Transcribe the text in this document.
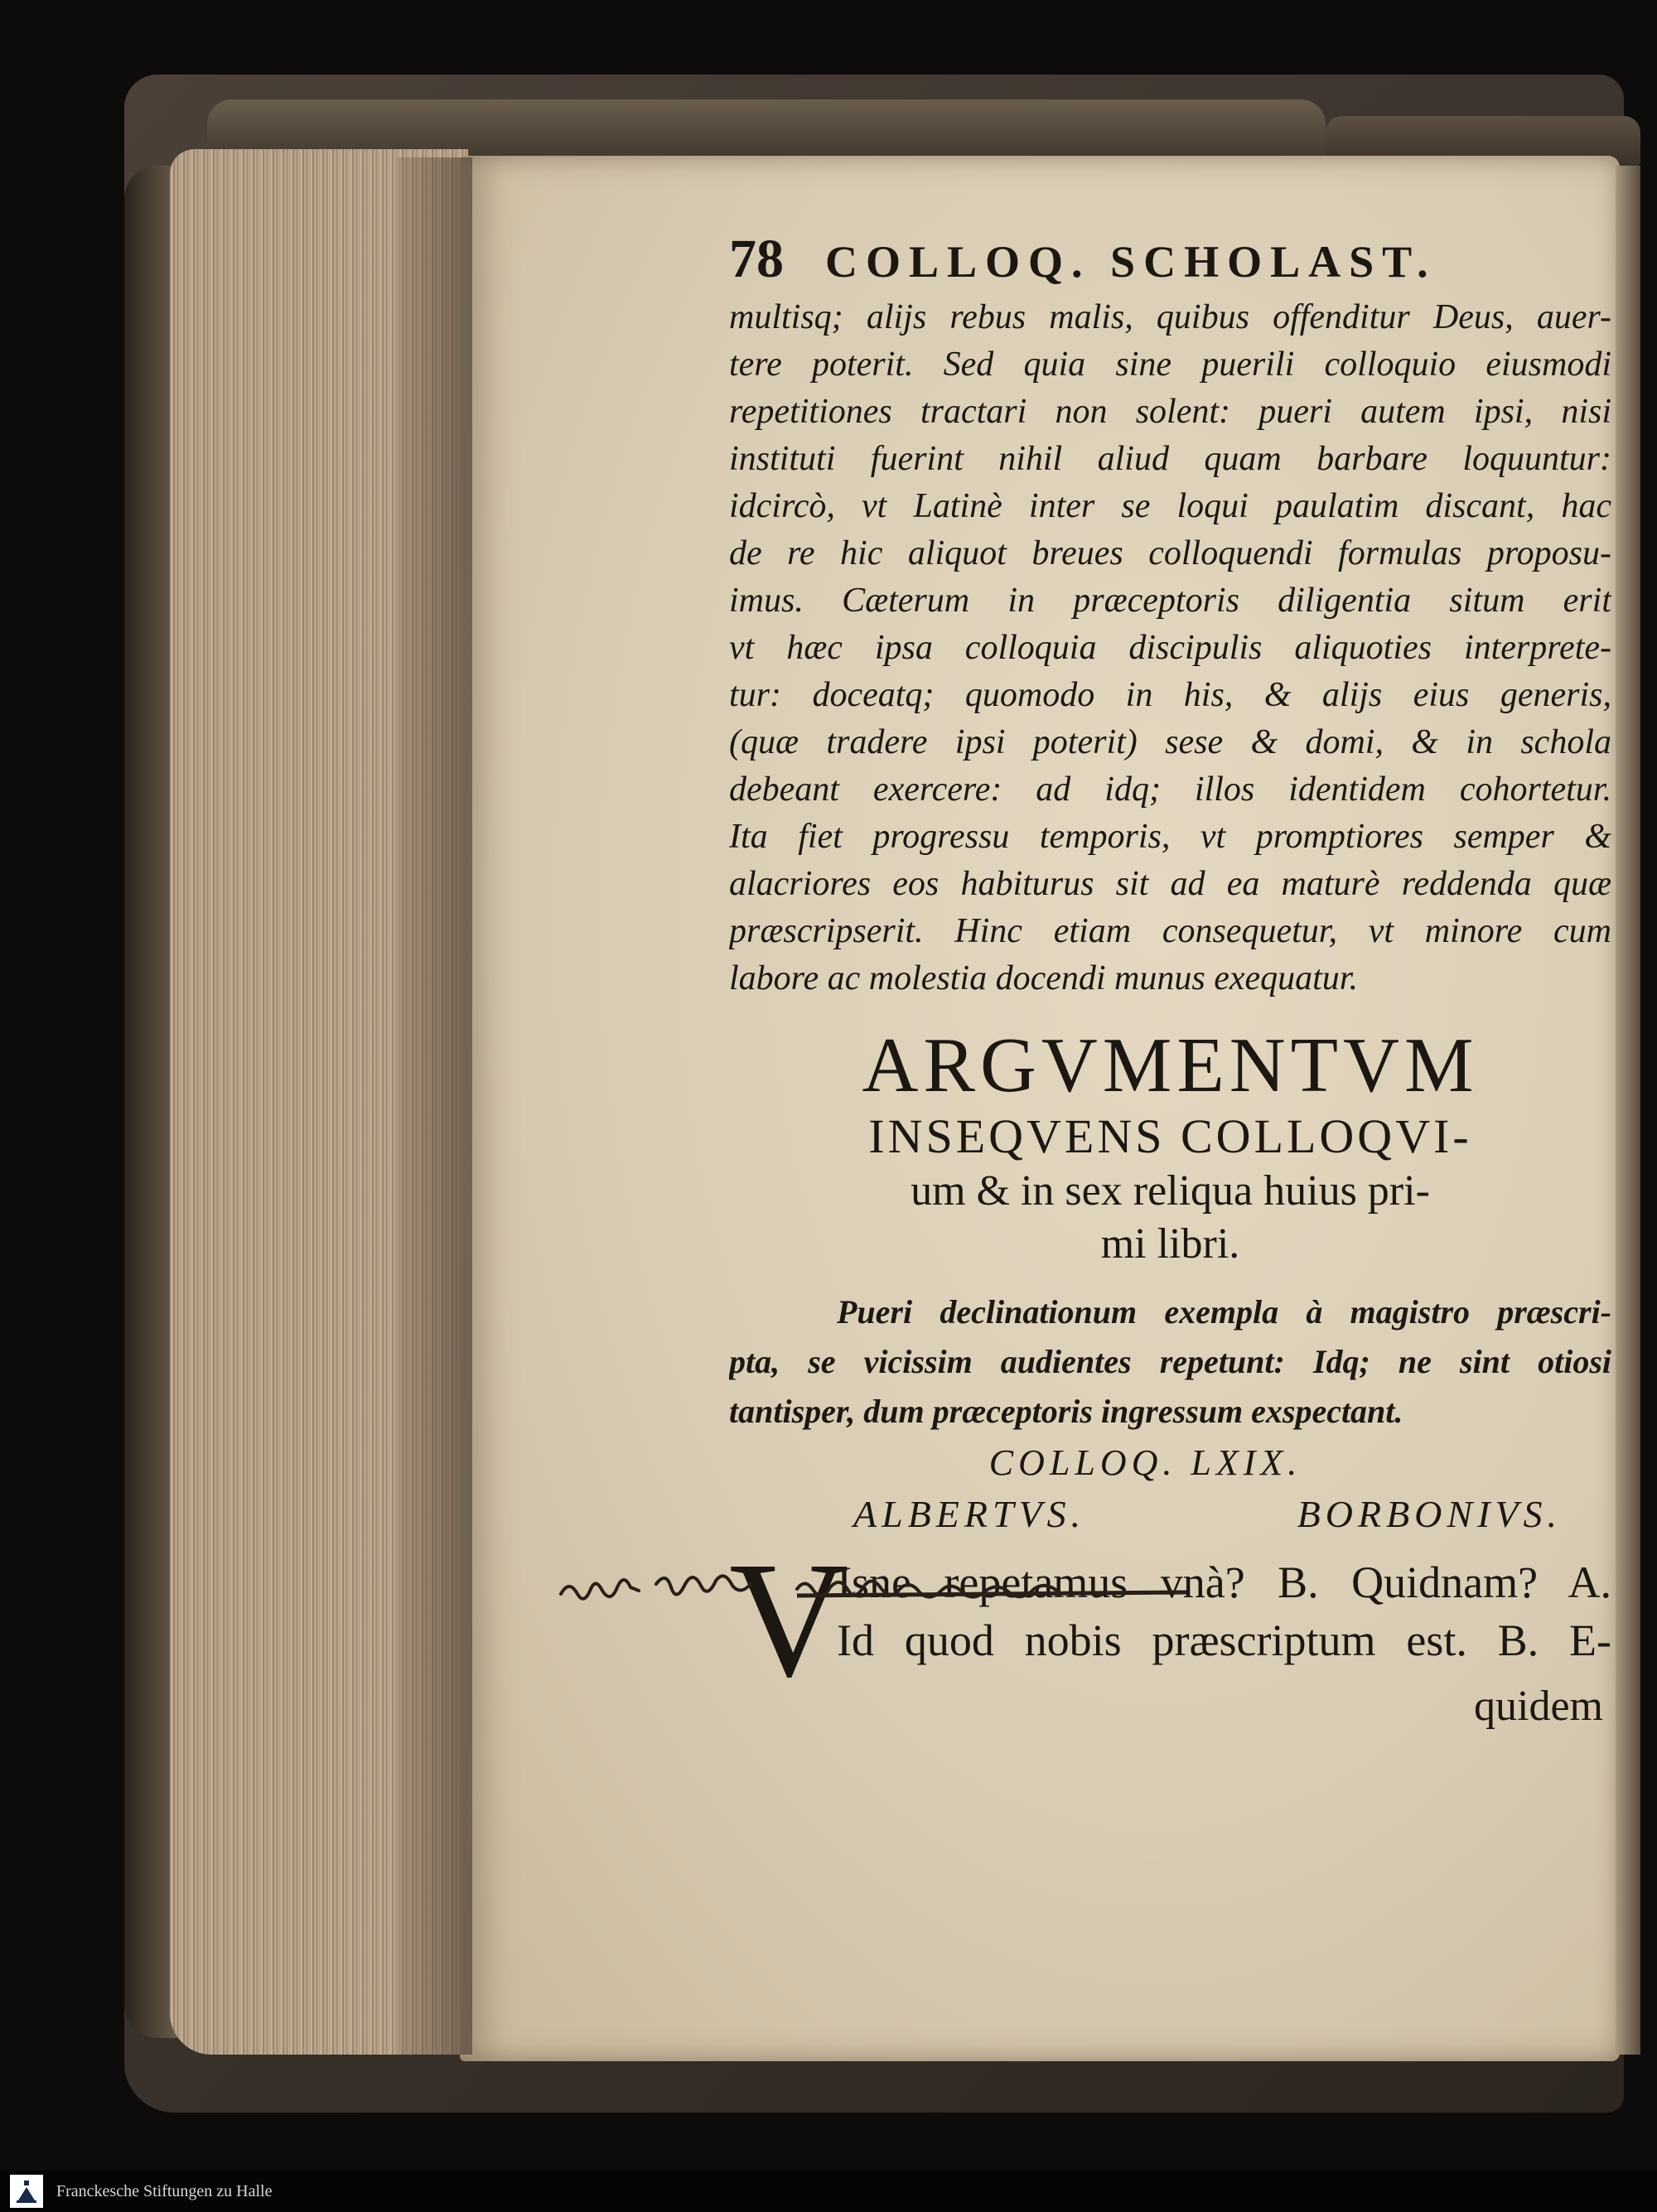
78 COLLOQ. SCHOLAST.
multisq; alijs rebus malis, quibus offenditur Deus, auer-
tere poterit. Sed quia sine puerili colloquio eiusmodi
repetitiones tractari non solent: pueri autem ipsi, nisi
instituti fuerint nihil aliud quam barbare loquuntur:
idcircò, vt Latinè inter se loqui paulatim discant, hac
de re hic aliquot breues colloquendi formulas proposu-
imus. Cæterum in præceptoris diligentia situm erit
vt hæc ipsa colloquia discipulis aliquoties interprete-
tur: doceatq; quomodo in his, & alijs eius generis,
(quæ tradere ipsi poterit) sese & domi, & in schola
debeant exercere: ad idq; illos identidem cohortetur.
Ita fiet progressu temporis, vt promptiores semper &
alacriores eos habiturus sit ad ea maturè reddenda quæ
præscripserit. Hinc etiam consequetur, vt minore cum
labore ac molestia docendi munus exequatur.
ARGVMENTVM
INSEQVENS COLLOQVI-
um & in sex reliqua huius pri-
mi libri.
Pueri declinationum exempla à magistro præscri-
pta, se vicissim audientes repetunt: Idq; ne sint otiosi
tantisper, dum præceptoris ingressum exspectant.
COLLOQ. LXIX.
ALBERTVS.	BORBONIVS.
V
Isne repetamus vnà? B. Quidnam? A.
Id quod nobis præscriptum est. B. E-
quidem
Franckesche Stiftungen zu Halle
